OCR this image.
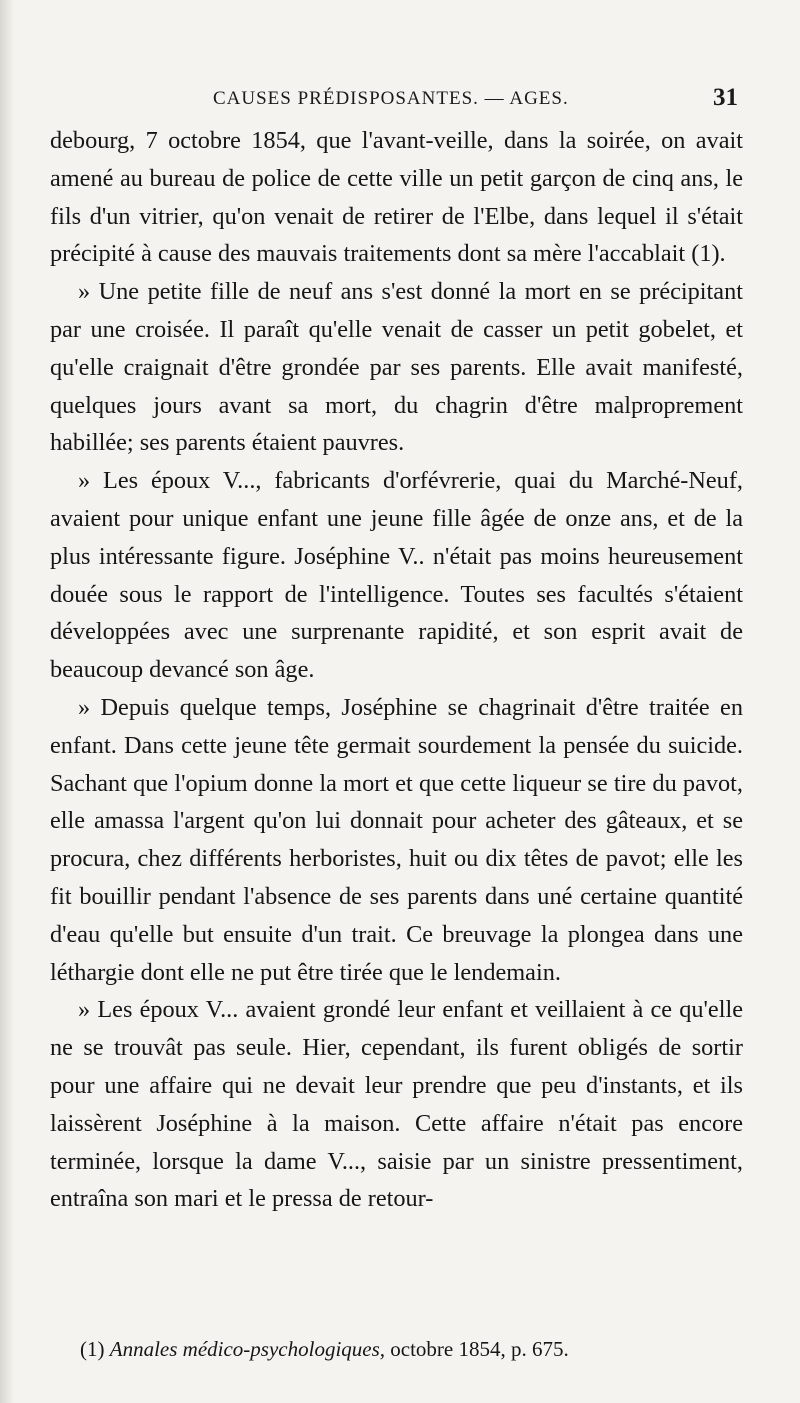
CAUSES PRÉDISPOSANTES. — AGES.	31

debourg, 7 octobre 1854, que l'avant-veille, dans la soirée, on avait amené au bureau de police de cette ville un petit garçon de cinq ans, le fils d'un vitrier, qu'on venait de retirer de l'Elbe, dans lequel il s'était précipité à cause des mauvais traitements dont sa mère l'accablait (1).

» Une petite fille de neuf ans s'est donné la mort en se précipitant par une croisée. Il paraît qu'elle venait de casser un petit gobelet, et qu'elle craignait d'être grondée par ses parents. Elle avait manifesté, quelques jours avant sa mort, du chagrin d'être malproprement habillée; ses parents étaient pauvres.

» Les époux V..., fabricants d'orfévrerie, quai du Marché-Neuf, avaient pour unique enfant une jeune fille âgée de onze ans, et de la plus intéressante figure. Joséphine V.. n'était pas moins heureusement douée sous le rapport de l'intelligence. Toutes ses facultés s'étaient développées avec une surprenante rapidité, et son esprit avait de beaucoup devancé son âge.

» Depuis quelque temps, Joséphine se chagrinait d'être traitée en enfant. Dans cette jeune tête germait sourdement la pensée du suicide. Sachant que l'opium donne la mort et que cette liqueur se tire du pavot, elle amassa l'argent qu'on lui donnait pour acheter des gâteaux, et se procura, chez différents herboristes, huit ou dix têtes de pavot; elle les fit bouillir pendant l'absence de ses parents dans uné certaine quantité d'eau qu'elle but ensuite d'un trait. Ce breuvage la plongea dans une léthargie dont elle ne put être tirée que le lendemain.

» Les époux V... avaient grondé leur enfant et veillaient à ce qu'elle ne se trouvât pas seule. Hier, cependant, ils furent obligés de sortir pour une affaire qui ne devait leur prendre que peu d'instants, et ils laissèrent Joséphine à la maison. Cette affaire n'était pas encore terminée, lorsque la dame V..., saisie par un sinistre pressentiment, entraîna son mari et le pressa de retour-

(1) Annales médico-psychologiques, octobre 1854, p. 675.
